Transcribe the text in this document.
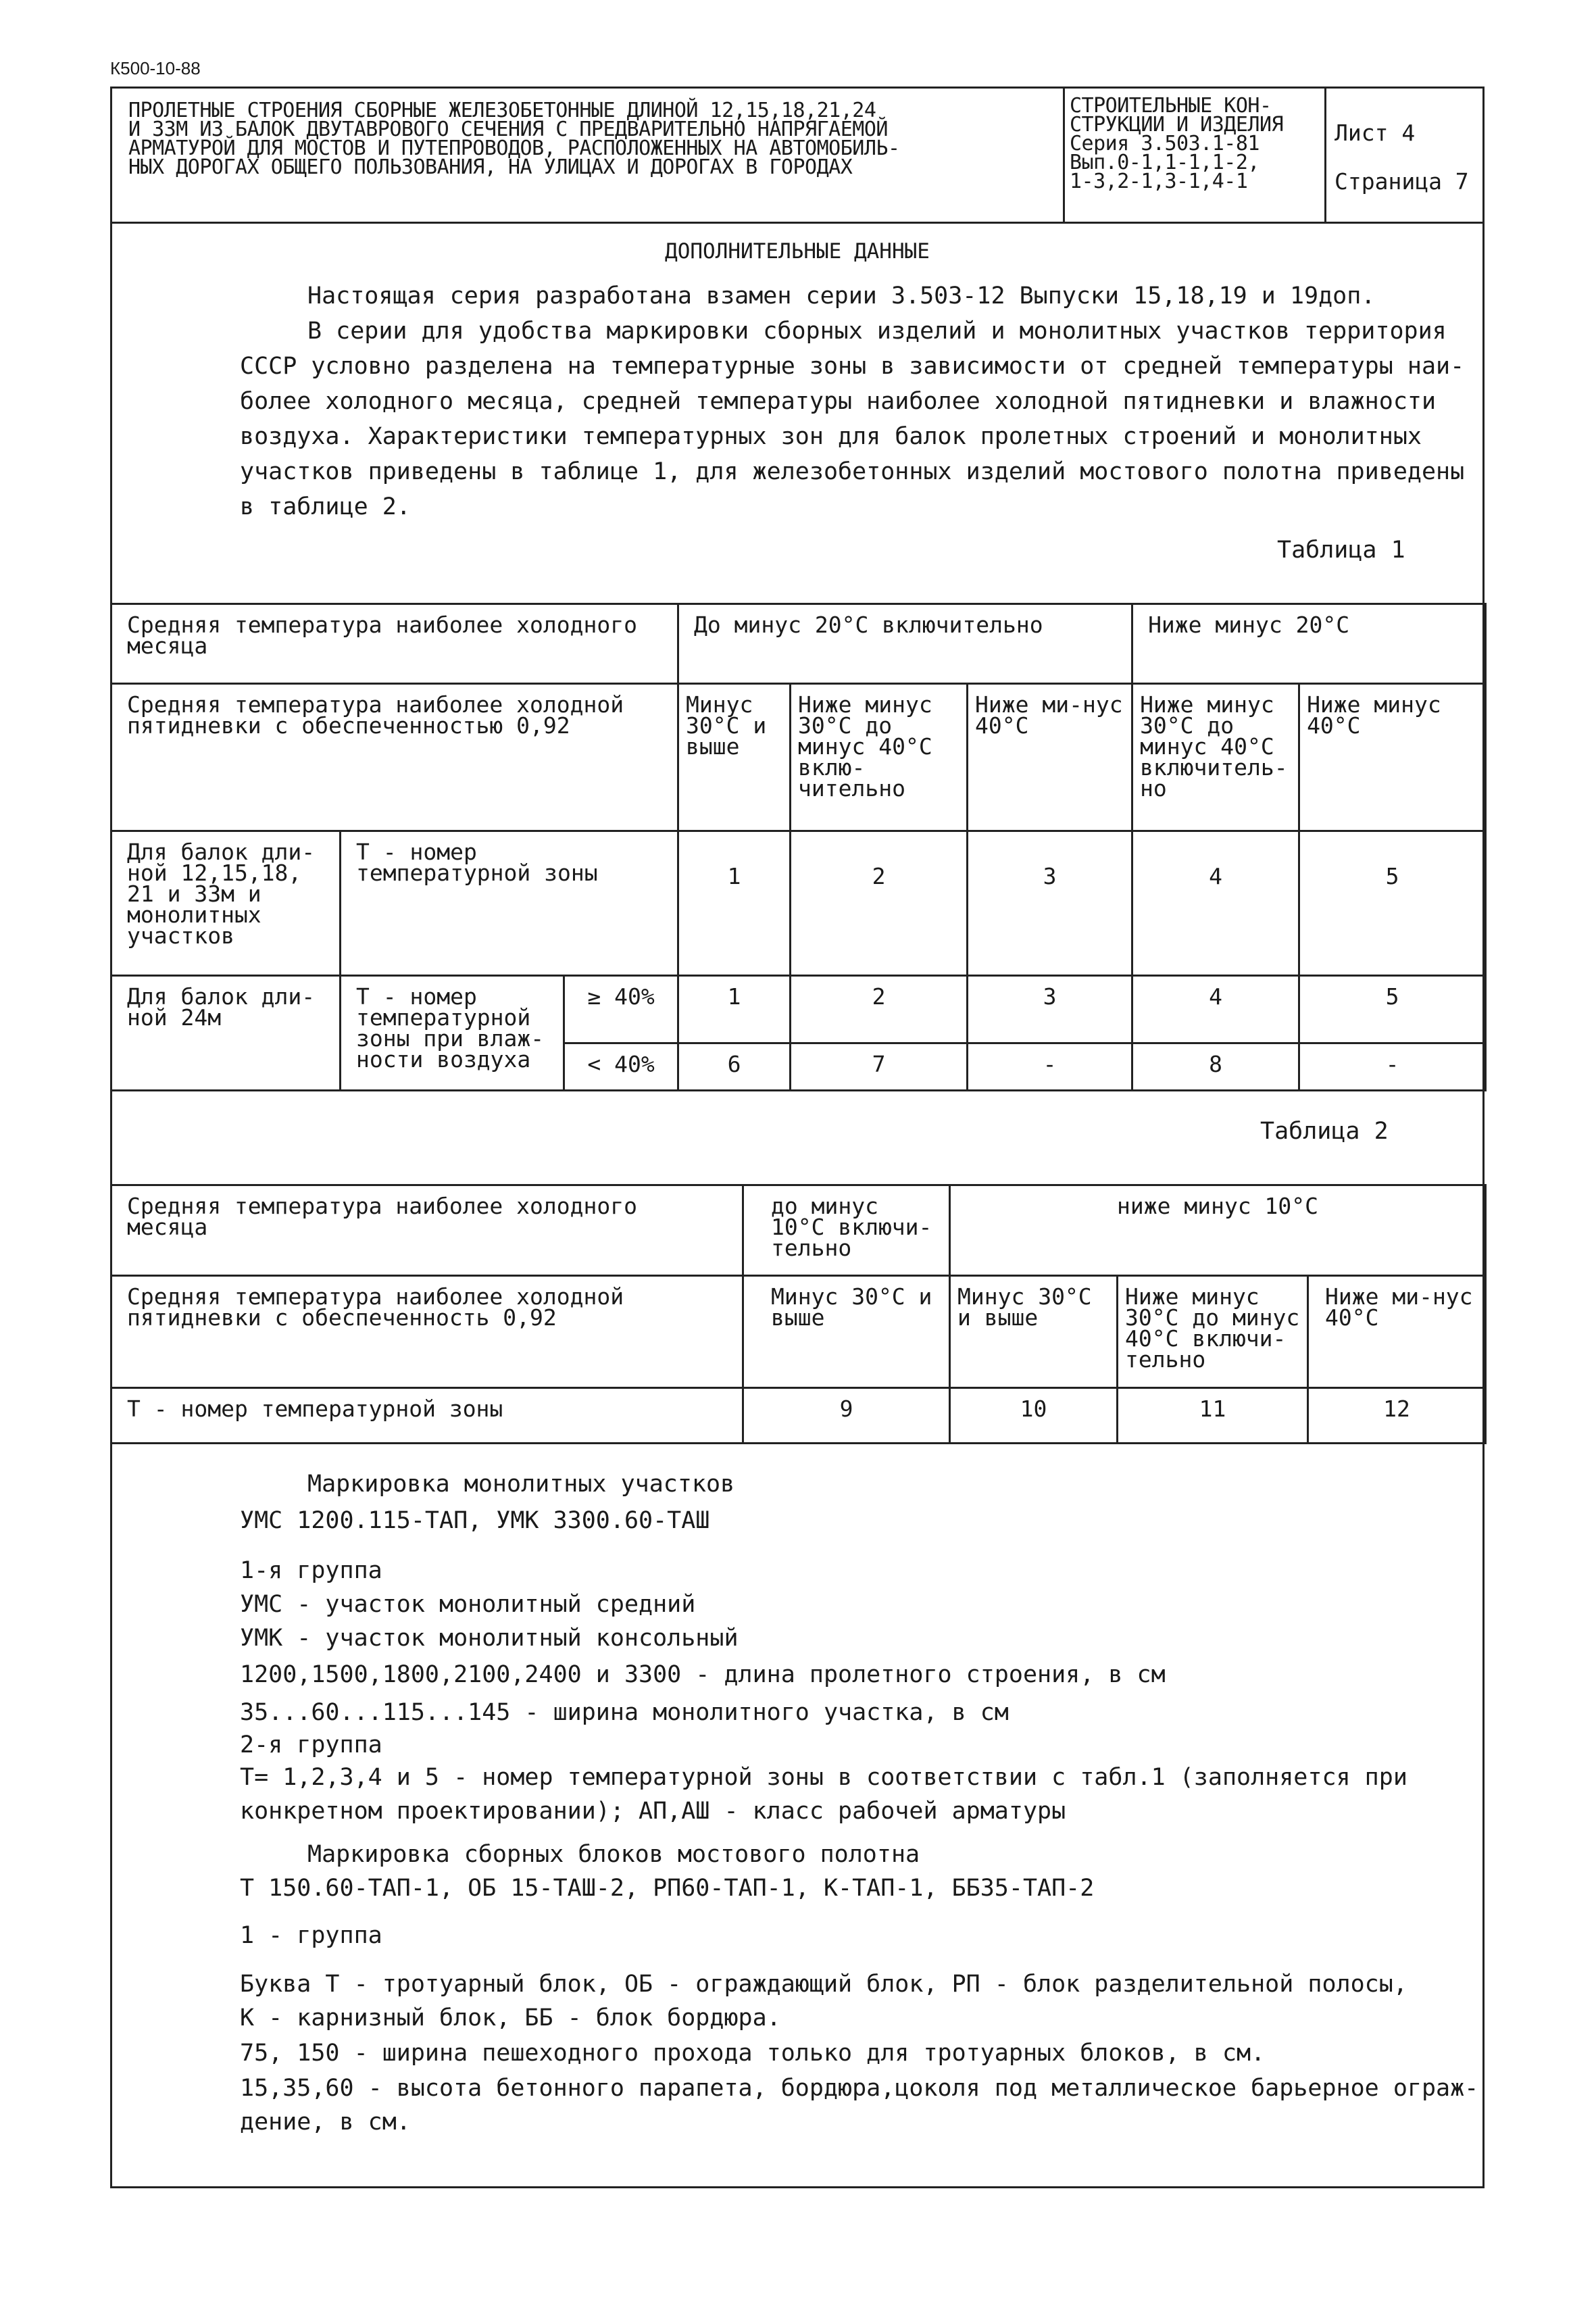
К500-10-88
ПРОЛЕТНЫЕ СТРОЕНИЯ СБОРНЫЕ ЖЕЛЕЗОБЕТОННЫЕ ДЛИНОЙ 12,15,18,21,24
И 33М ИЗ БАЛОК ДВУТАВРОВОГО СЕЧЕНИЯ С ПРЕДВАРИТЕЛЬНО НАПРЯГАЕМОЙ
АРМАТУРОЙ ДЛЯ МОСТОВ И ПУТЕПРОВОДОВ, РАСПОЛОЖЕННЫХ НА АВТОМОБИЛЬ-
НЫХ ДОРОГАХ ОБЩЕГО ПОЛЬЗОВАНИЯ, НА УЛИЦАХ И ДОРОГАХ В ГОРОДАХ
СТРОИТЕЛЬНЫЕ КОН-
СТРУКЦИИ И ИЗДЕЛИЯ
Серия 3.503.1-81
Вып.0-1,1-1,1-2,
1-3,2-1,3-1,4-1
Лист 4
Страница 7
ДОПОЛНИТЕЛЬНЫЕ ДАННЫЕ
Настоящая серия разработана взамен серии 3.503-12 Выпуски 15,18,19 и 19доп.
В серии для удобства маркировки сборных изделий и монолитных участков территория
СССР условно разделена на температурные зоны в зависимости от средней температуры наи-
более холодного месяца, средней температуры наиболее холодной пятидневки и влажности
воздуха. Характеристики температурных зон для балок пролетных строений и монолитных
участков приведены в таблице 1, для железобетонных изделий мостового полотна приведены
в таблице 2.
Таблица 1
Средняя температура наиболее холодного месяца			До минус 20°С включительно			Ниже минус 20°С	
Средняя температура наиболее холодной пятидневки с обеспеченностью 0,92			Минус 30°С и выше	Ниже минус 30°С до минус 40°С вклю-чительно	Ниже ми-нус 40°С	Ниже минус 30°С до минус 40°С включитель-но	Ниже минус 40°С
Для балок дли-ной 12,15,18, 21 и 33м и монолитных участков	Т - номер температурной зоны		1	2	3	4	5
Для балок дли-ной 24м	Т - номер температурной зоны при влаж-ности воздуха	≥ 40%	1	2	3	4	5
		< 40%	6	7	-	8	-
Таблица 2
Средняя температура наиболее холодного месяца	до минус 10°С включи-тельно	ниже минус 10°С		
Средняя температура наиболее холодной пятидневки с обеспеченность 0,92	Минус 30°С и выше	Минус 30°С и выше	Ниже минус 30°С до минус 40°С включи-тельно	Ниже ми-нус 40°С
Т - номер температурной зоны	9	10	11	12
Маркировка монолитных участков
УМС 1200.115-ТАП, УМК 3300.60-ТАШ
1-я группа
УМС - участок монолитный средний
УМК - участок монолитный консольный
1200,1500,1800,2100,2400 и 3300 - длина пролетного строения, в см
35...60...115...145 - ширина монолитного участка, в см
2-я группа
Т= 1,2,3,4 и 5 - номер температурной зоны в соответствии с табл.1 (заполняется при
конкретном проектировании); АП,АШ - класс рабочей арматуры
Маркировка сборных блоков мостового полотна
Т 150.60-ТАП-1, ОБ 15-ТАШ-2, РП60-ТАП-1, К-ТАП-1, ББ35-ТАП-2
1 - группа
Буква Т - тротуарный блок, ОБ - ограждающий блок, РП - блок разделительной полосы,
К - карнизный блок, ББ - блок бордюра.
75, 150 - ширина пешеходного прохода только для тротуарных блоков, в см.
15,35,60 - высота бетонного парапета, бордюра,цоколя под металлическое барьерное ограж-
дение, в см.
